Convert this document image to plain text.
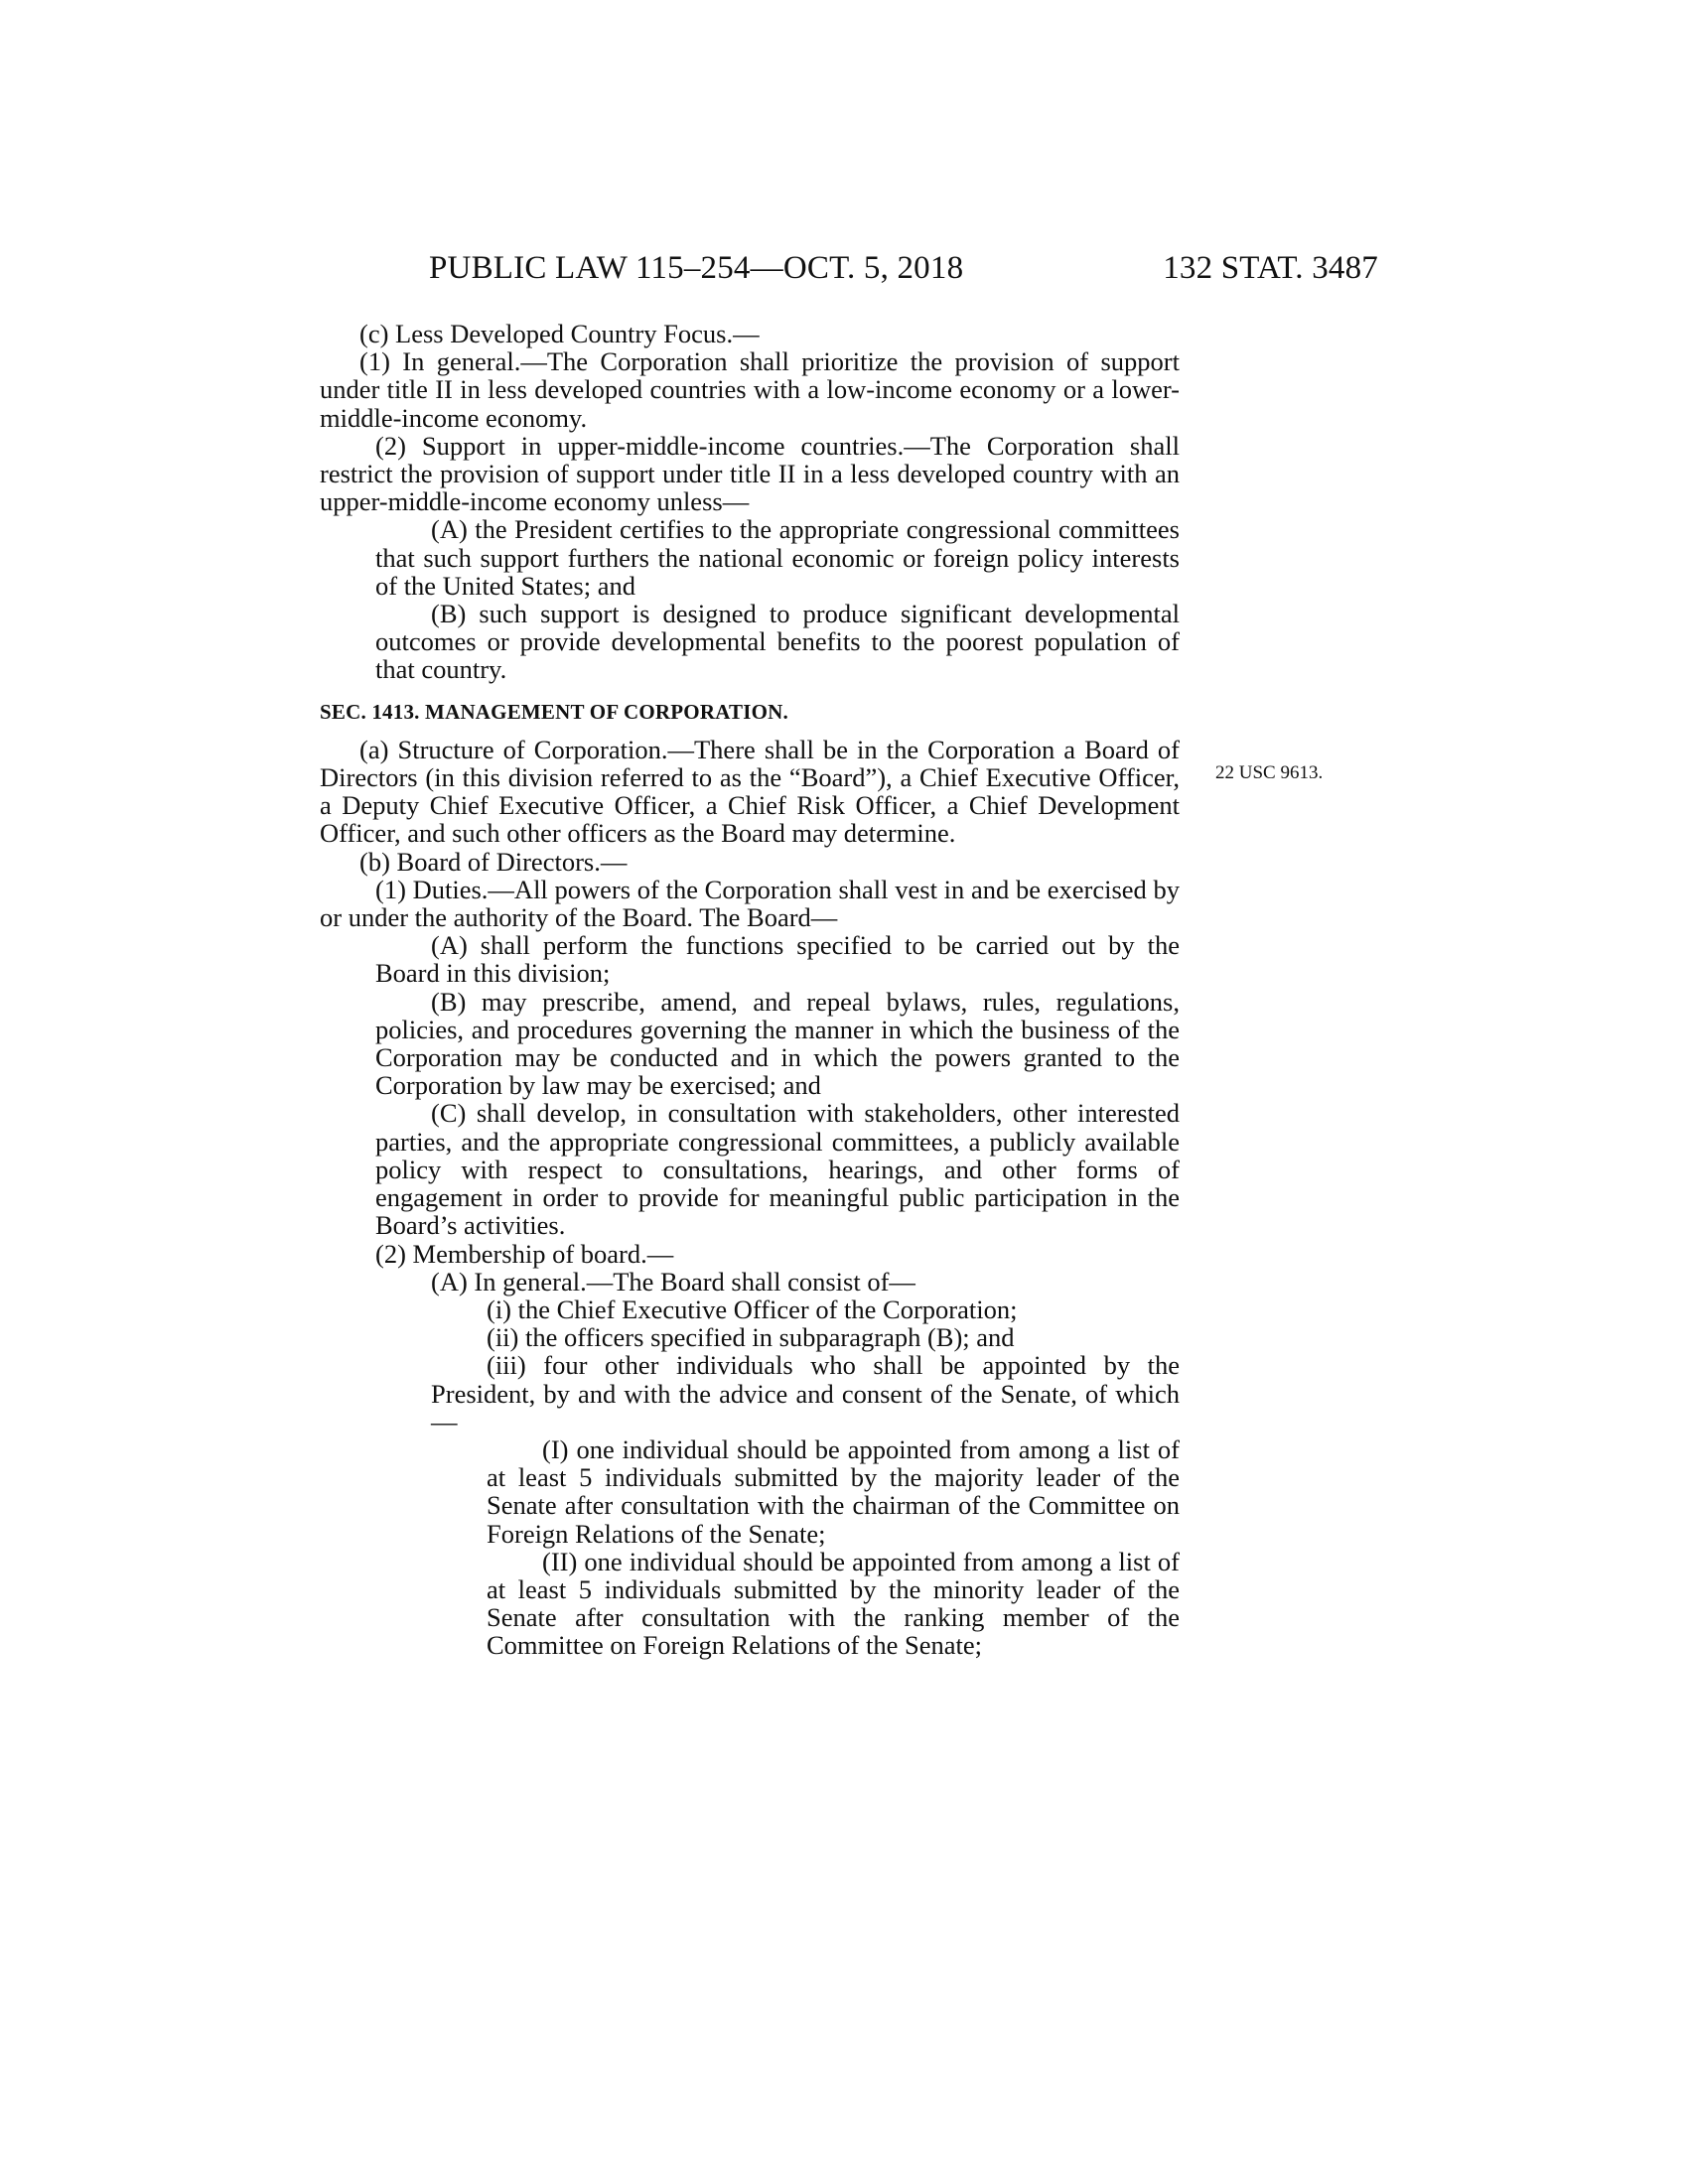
PUBLIC LAW 115–254—OCT. 5, 2018	132 STAT. 3487
22 USC 9613.

(c) Less Developed Country Focus.—

(1) In general.—The Corporation shall prioritize the provision of support under title II in less developed countries with a low-income economy or a lower-middle-income economy.

(2) Support in upper-middle-income countries.—The Corporation shall restrict the provision of support under title II in a less developed country with an upper-middle-income economy unless—

(A) the President certifies to the appropriate congressional committees that such support furthers the national economic or foreign policy interests of the United States; and

(B) such support is designed to produce significant developmental outcomes or provide developmental benefits to the poorest population of that country.

SEC. 1413. MANAGEMENT OF CORPORATION.

(a) Structure of Corporation.—There shall be in the Corporation a Board of Directors (in this division referred to as the “Board”), a Chief Executive Officer, a Deputy Chief Executive Officer, a Chief Risk Officer, a Chief Development Officer, and such other officers as the Board may determine.

(b) Board of Directors.—

(1) Duties.—All powers of the Corporation shall vest in and be exercised by or under the authority of the Board. The Board—

(A) shall perform the functions specified to be carried out by the Board in this division;

(B) may prescribe, amend, and repeal bylaws, rules, regulations, policies, and procedures governing the manner in which the business of the Corporation may be conducted and in which the powers granted to the Corporation by law may be exercised; and

(C) shall develop, in consultation with stakeholders, other interested parties, and the appropriate congressional committees, a publicly available policy with respect to consultations, hearings, and other forms of engagement in order to provide for meaningful public participation in the Board’s activities.

(2) Membership of board.—

(A) In general.—The Board shall consist of—

(i) the Chief Executive Officer of the Corporation;

(ii) the officers specified in subparagraph (B); and

(iii) four other individuals who shall be appointed by the President, by and with the advice and consent of the Senate, of which—

(I) one individual should be appointed from among a list of at least 5 individuals submitted by the majority leader of the Senate after consultation with the chairman of the Committee on Foreign Relations of the Senate;

(II) one individual should be appointed from among a list of at least 5 individuals submitted by the minority leader of the Senate after consultation with the ranking member of the Committee on Foreign Relations of the Senate;
